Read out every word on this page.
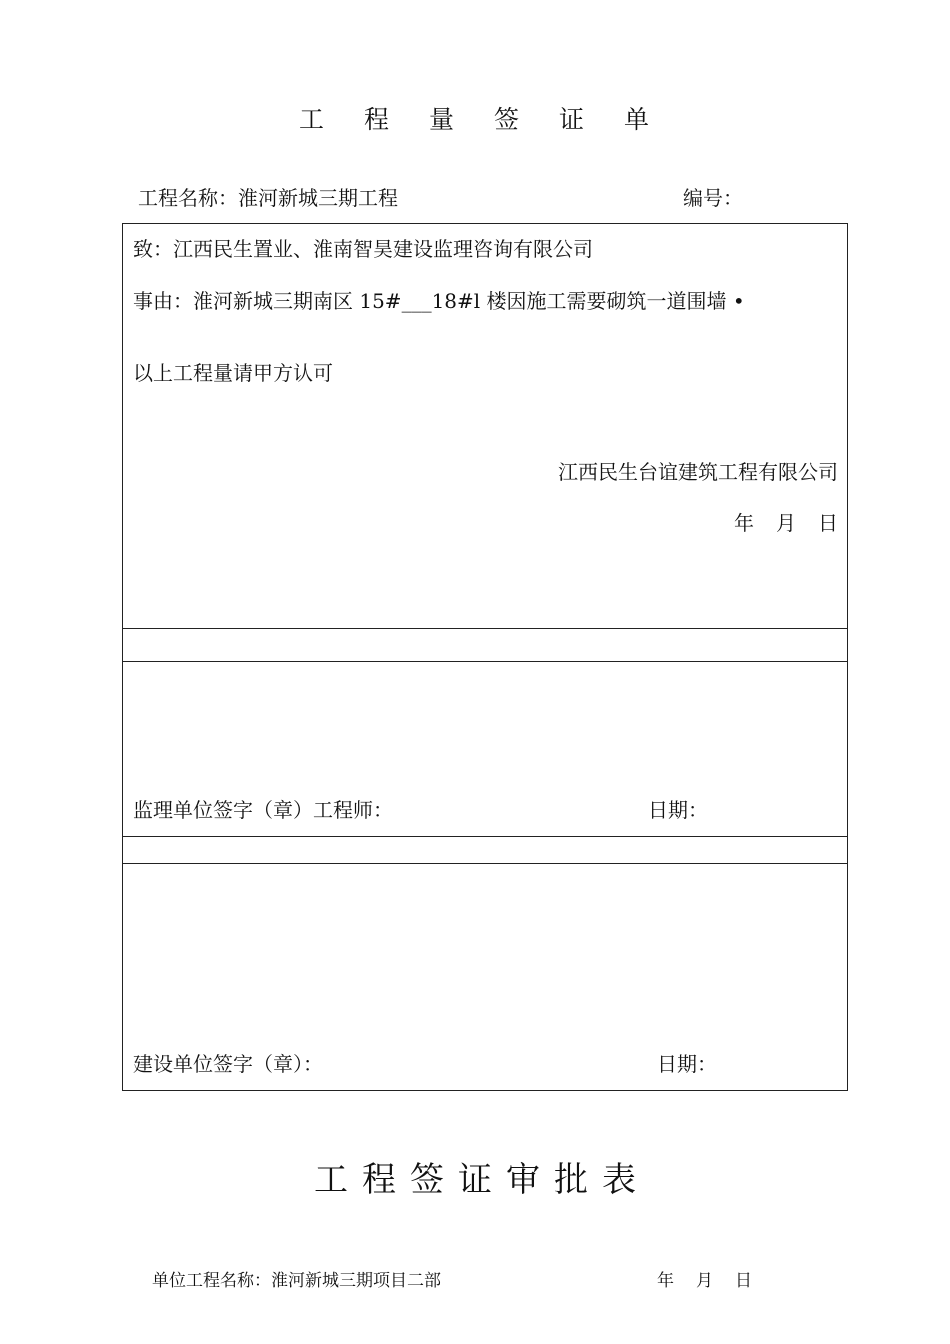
工 程 量 签 证 单
工程名称：淮河新城三期工程	编号：
致：江西民生置业、淮南智昊建设监理咨询有限公司
事由：淮河新城三期南区 15#___18#l 楼因施工需要砌筑一道围墙 •
以上工程量请甲方认可
江西民生台谊建筑工程有限公司
年 月 日
监理单位签字（章）工程师：	日期：
建设单位签字（章）：	日期：
工 程 签 证 审 批 表
单位工程名称：淮河新城三期项目二部	年 月 日
